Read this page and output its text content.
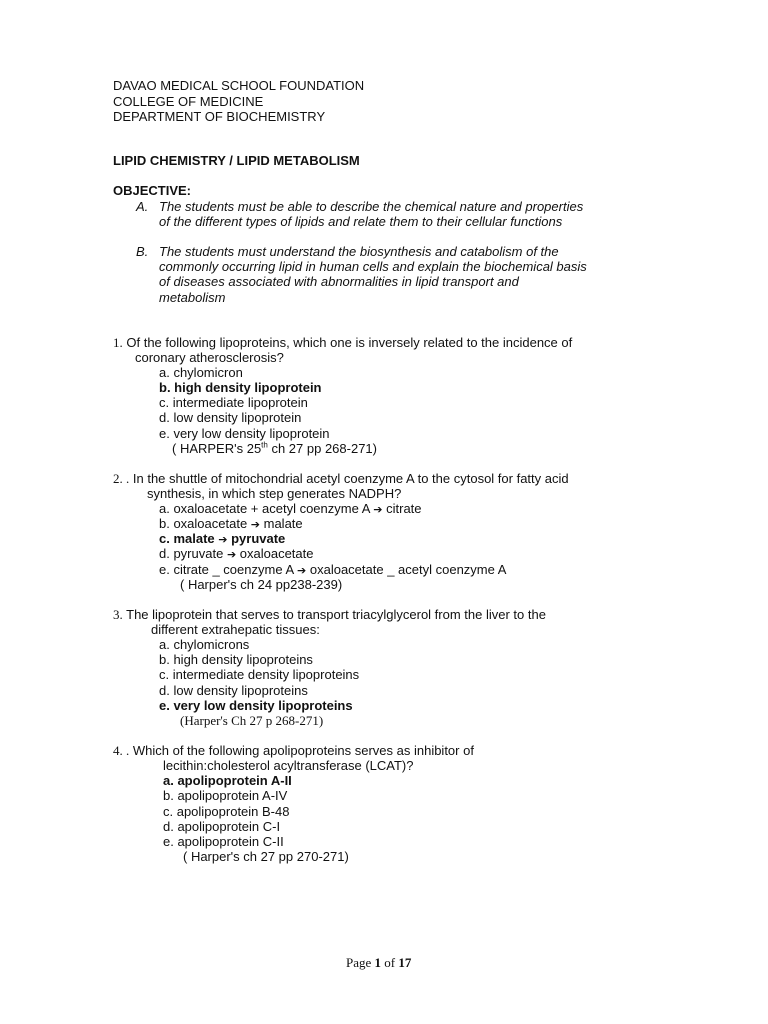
DAVAO MEDICAL SCHOOL FOUNDATION
COLLEGE OF MEDICINE
DEPARTMENT OF BIOCHEMISTRY
LIPID CHEMISTRY / LIPID METABOLISM
OBJECTIVE:
A. The students must be able to describe the chemical nature and properties
of the different types of lipids and relate them to their cellular functions
B. The students must understand the biosynthesis and catabolism of the
commonly occurring lipid in human cells and explain the biochemical basis
of diseases associated with abnormalities in lipid transport and
metabolism
1. Of the following lipoproteins, which one is inversely related to the incidence of
coronary atherosclerosis?
a. chylomicron
b. high density lipoprotein
c. intermediate lipoprotein
d. low density lipoprotein
e. very low density lipoprotein
( HARPER's 25th ch 27 pp 268-271)
2. . In the shuttle of mitochondrial acetyl coenzyme A to the cytosol for fatty acid
synthesis, in which step generates NADPH?
a. oxaloacetate + acetyl coenzyme A ➔ citrate
b. oxaloacetate ➔ malate
c. malate ➔ pyruvate
d. pyruvate ➔ oxaloacetate
e. citrate _ coenzyme A ➔ oxaloacetate _ acetyl coenzyme A
( Harper's ch 24 pp238-239)
3. The lipoprotein that serves to transport triacylglycerol from the liver to the
different extrahepatic tissues:
a. chylomicrons
b. high density lipoproteins
c. intermediate density lipoproteins
d. low density lipoproteins
e. very low density lipoproteins
(Harper's Ch 27 p 268-271)
4. . Which of the following apolipoproteins serves as inhibitor of
lecithin:cholesterol acyltransferase (LCAT)?
a. apolipoprotein A-II
b. apolipoprotein A-IV
c. apolipoprotein B-48
d. apolipoprotein C-I
e. apolipoprotein C-II
( Harper's ch 27 pp 270-271)
Page 1 of 17
